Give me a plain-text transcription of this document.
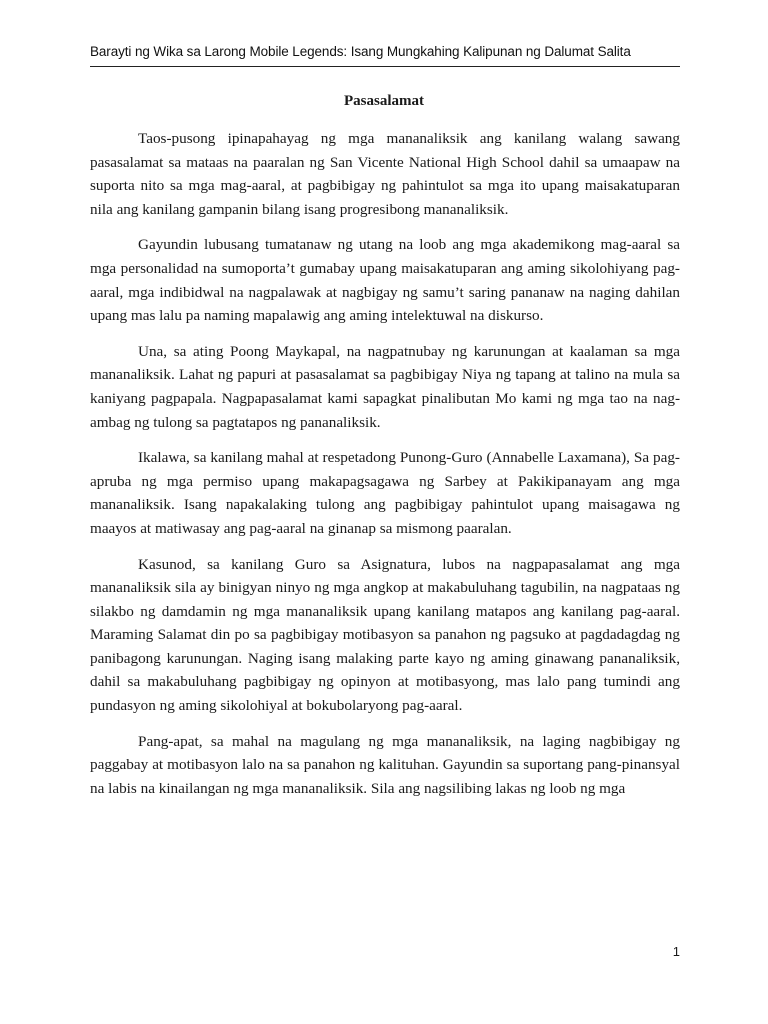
Barayti ng Wika sa Larong Mobile Legends: Isang Mungkahing Kalipunan ng Dalumat Salita
Pasasalamat

Taos-pusong ipinapahayag ng mga mananaliksik ang kanilang walang sawang pasasalamat sa mataas na paaralan ng San Vicente National High School dahil sa umaapaw na suporta nito sa mga mag-aaral, at pagbibigay ng pahintulot sa mga ito upang maisakatuparan nila ang kanilang gampanin bilang isang progresibong mananaliksik.

Gayundin lubusang tumatanaw ng utang na loob ang mga akademikong mag-aaral sa mga personalidad na sumoporta’t gumabay upang maisakatuparan ang aming sikolohiyang pag-aaral, mga indibidwal na nagpalawak at nagbigay ng samu’t saring pananaw na naging dahilan upang mas lalu pa naming mapalawig ang aming intelektuwal na diskurso.

Una, sa ating Poong Maykapal, na nagpatnubay ng karunungan at kaalaman sa mga mananaliksik. Lahat ng papuri at pasasalamat sa pagbibigay Niya ng tapang at talino na mula sa kaniyang pagpapala. Nagpapasalamat kami sapagkat pinalibutan Mo kami ng mga tao na nag-ambag ng tulong sa pagtatapos ng pananaliksik.

Ikalawa, sa kanilang mahal at respetadong Punong-Guro (Annabelle Laxamana), Sa pag-apruba ng mga permiso upang makapagsagawa ng Sarbey at Pakikipanayam ang mga mananaliksik. Isang napakalaking tulong ang pagbibigay pahintulot upang maisagawa ng maayos at matiwasay ang pag-aaral na ginanap sa mismong paaralan.

Kasunod, sa kanilang Guro sa Asignatura, lubos na nagpapasalamat ang mga mananaliksik sila ay binigyan ninyo ng mga angkop at makabuluhang tagubilin, na nagpataas ng silakbo ng damdamin ng mga mananaliksik upang kanilang matapos ang kanilang pag-aaral. Maraming Salamat din po sa pagbibigay motibasyon sa panahon ng pagsuko at pagdadagdag ng panibagong karunungan. Naging isang malaking parte kayo ng aming ginawang pananaliksik, dahil sa makabuluhang pagbibigay ng opinyon at motibasyong, mas lalo pang tumindi ang pundasyon ng aming sikolohiyal at bokubolaryong pag-aaral.

Pang-apat, sa mahal na magulang ng mga mananaliksik, na laging nagbibigay ng paggabay at motibasyon lalo na sa panahon ng kalituhan. Gayundin sa suportang pang-pinansyal na labis na kinailangan ng mga mananaliksik. Sila ang nagsilibing lakas ng loob ng mga

1
